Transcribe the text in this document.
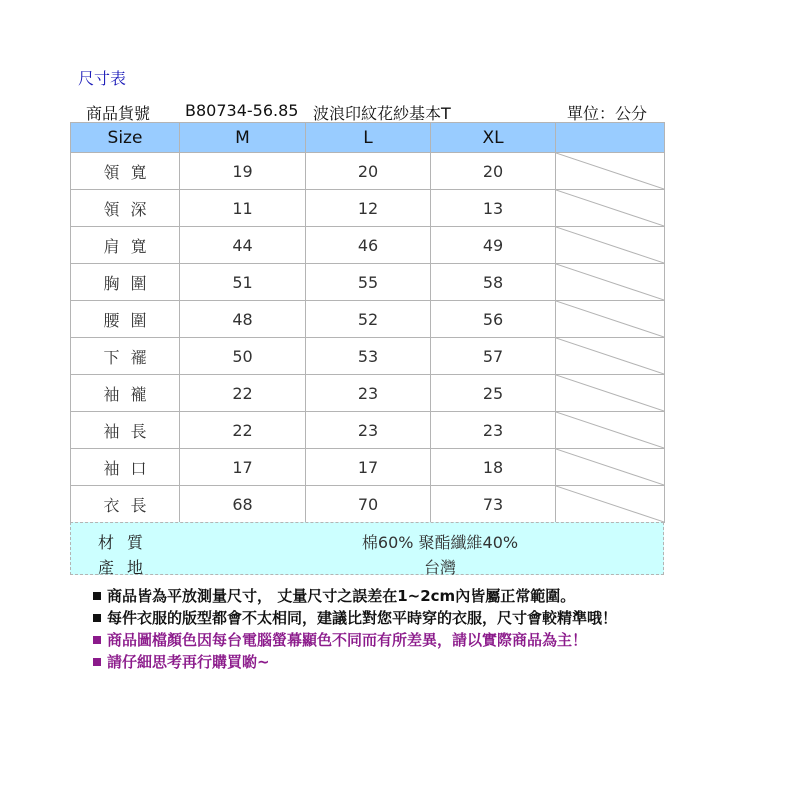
尺寸表
商品貨號 B80734-56.85 波浪印紋花紗基本T	單位：公分
Size	M	L	XL	
領寬	19	20	20	

領深	11	12	13	

肩寬	44	46	49	

胸圍	51	55	58	

腰圍	48	52	56	

下襬	50	53	57	

袖襱	22	23	25	

袖長	22	23	23	

袖口	17	17	18	

衣長	68	70	73	
材質	棉60% 聚酯纖維40%
產地	台灣
商品皆為平放測量尺寸， 丈量尺寸之誤差在1~2cm內皆屬正常範圍。
每件衣服的版型都會不太相同，建議比對您平時穿的衣服，尺寸會較精準哦！
商品圖檔顏色因每台電腦螢幕顯色不同而有所差異，請以實際商品為主！
請仔細思考再行購買喲~
